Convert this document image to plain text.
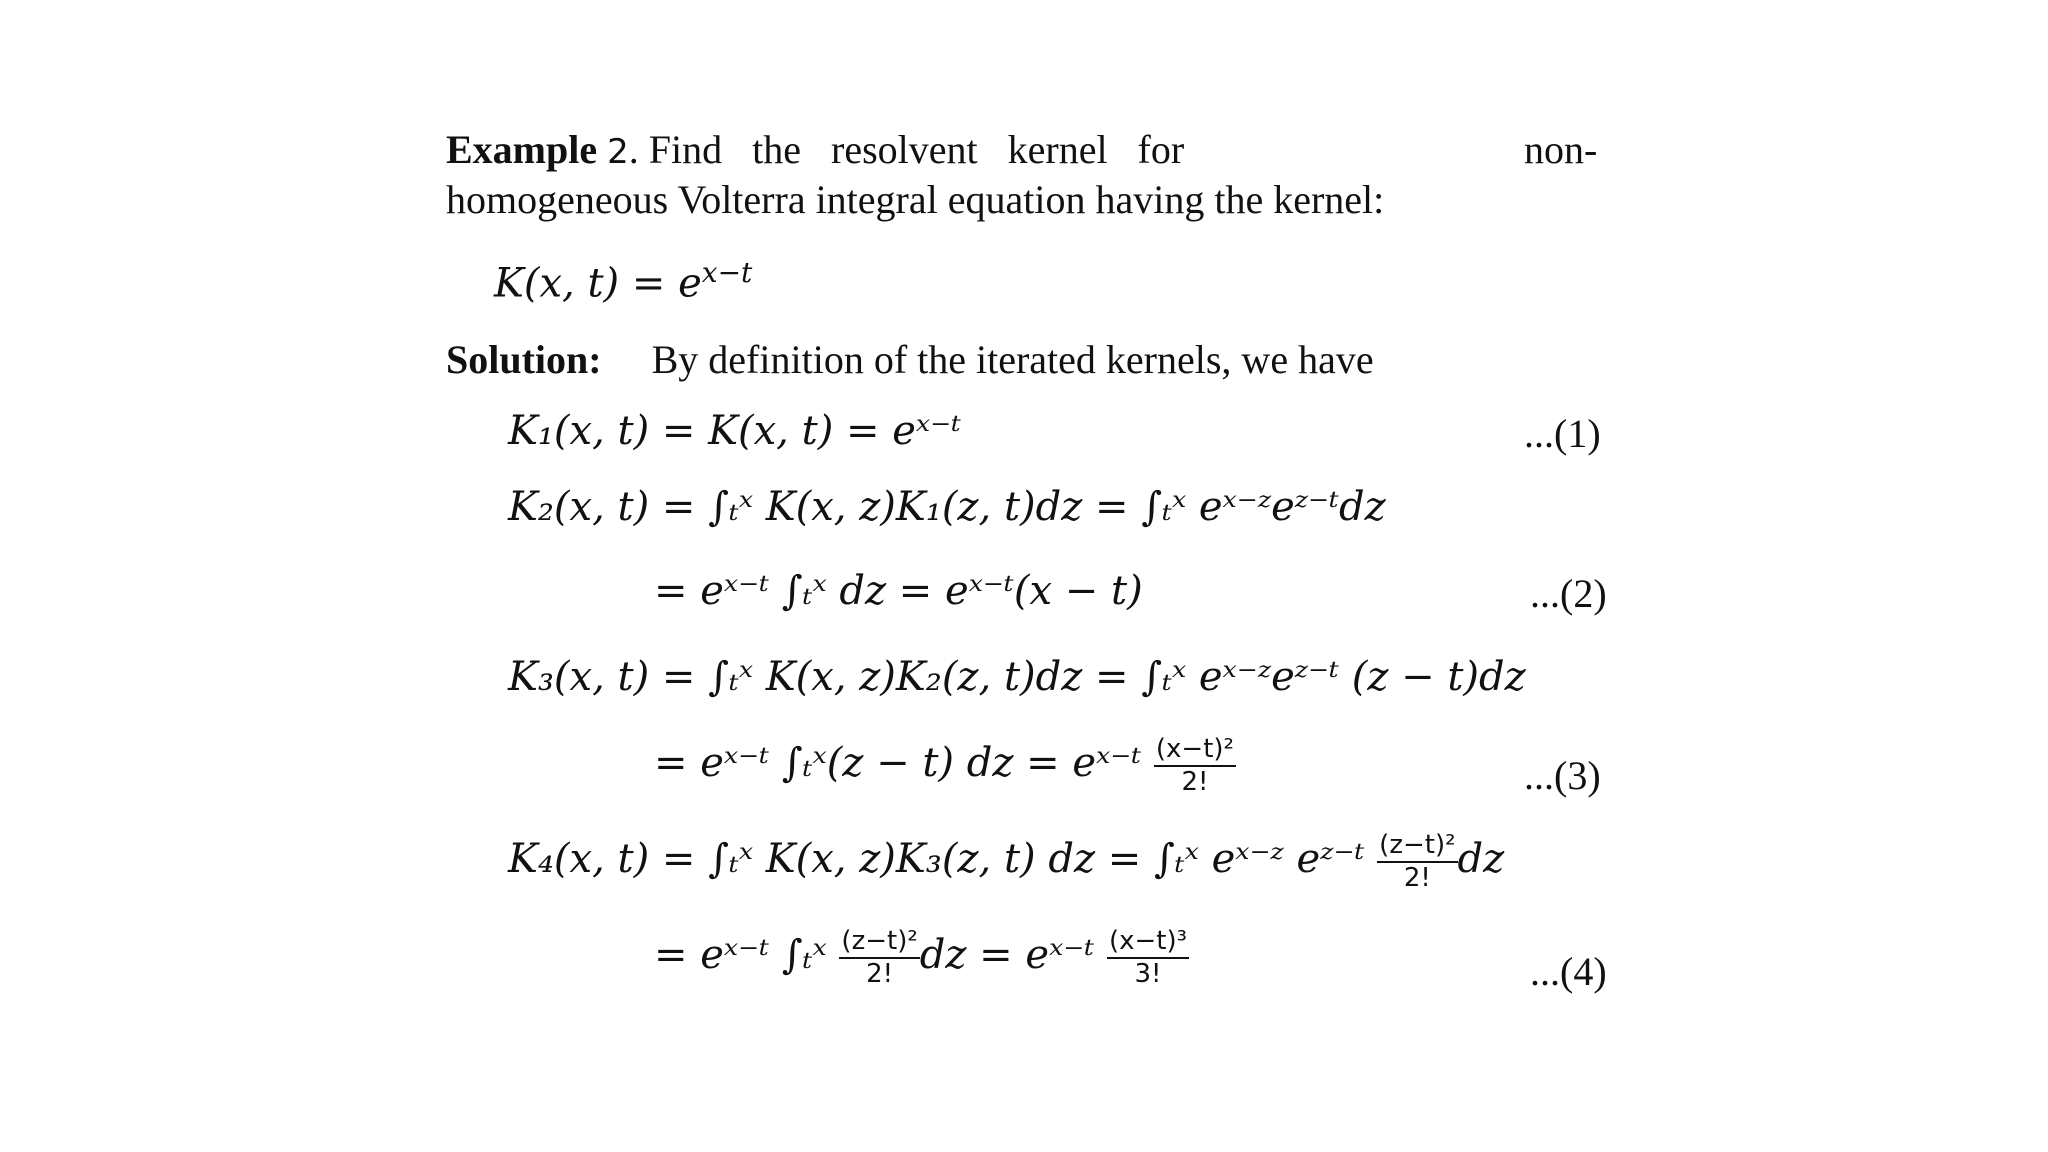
Example 2. Find   the   resolvent   kernel   for	non-
homogeneous Volterra integral equation having the kernel:
K(x, $t) = e^{x-t}$
Solution: By definition of the iterated kernels, we have
K₁(x, t) = K(x, t) = eˣ⁻ᵗ	...(1)
K₂(x, t) = ∫ₜˣ K(x, z)K₁(z, t)dz = ∫ₜˣ eˣ⁻ᶻeᶻ⁻ᵗdz
= eˣ⁻ᵗ ∫ₜˣ dz = eˣ⁻ᵗ(x − t)	...(2)
K₃(x, t) = ∫ₜˣ K(x, z)K₂(z, t)dz = ∫ₜˣ eˣ⁻ᶻeᶻ⁻ᵗ (z − t)dz
= eˣ⁻ᵗ ∫ₜˣ(z − t) dz = eˣ⁻ᵗ $\frac{\text{(x−t)²}}{2!}$	...(3)
K₄(x, t) = ∫ₜˣ K(x, z)K₃(z, t) dz = ∫ₜˣ eˣ⁻ᶻ eᶻ⁻ᵗ $\frac{\text{(z−t)²}}{2!}$ dz
= eˣ⁻ᵗ ∫ₜˣ $\frac{\text{(z−t)²}}{2!}$ dz = eˣ⁻ᵗ $\frac{\text{(x−t)³}}{3!}$	...(4)
